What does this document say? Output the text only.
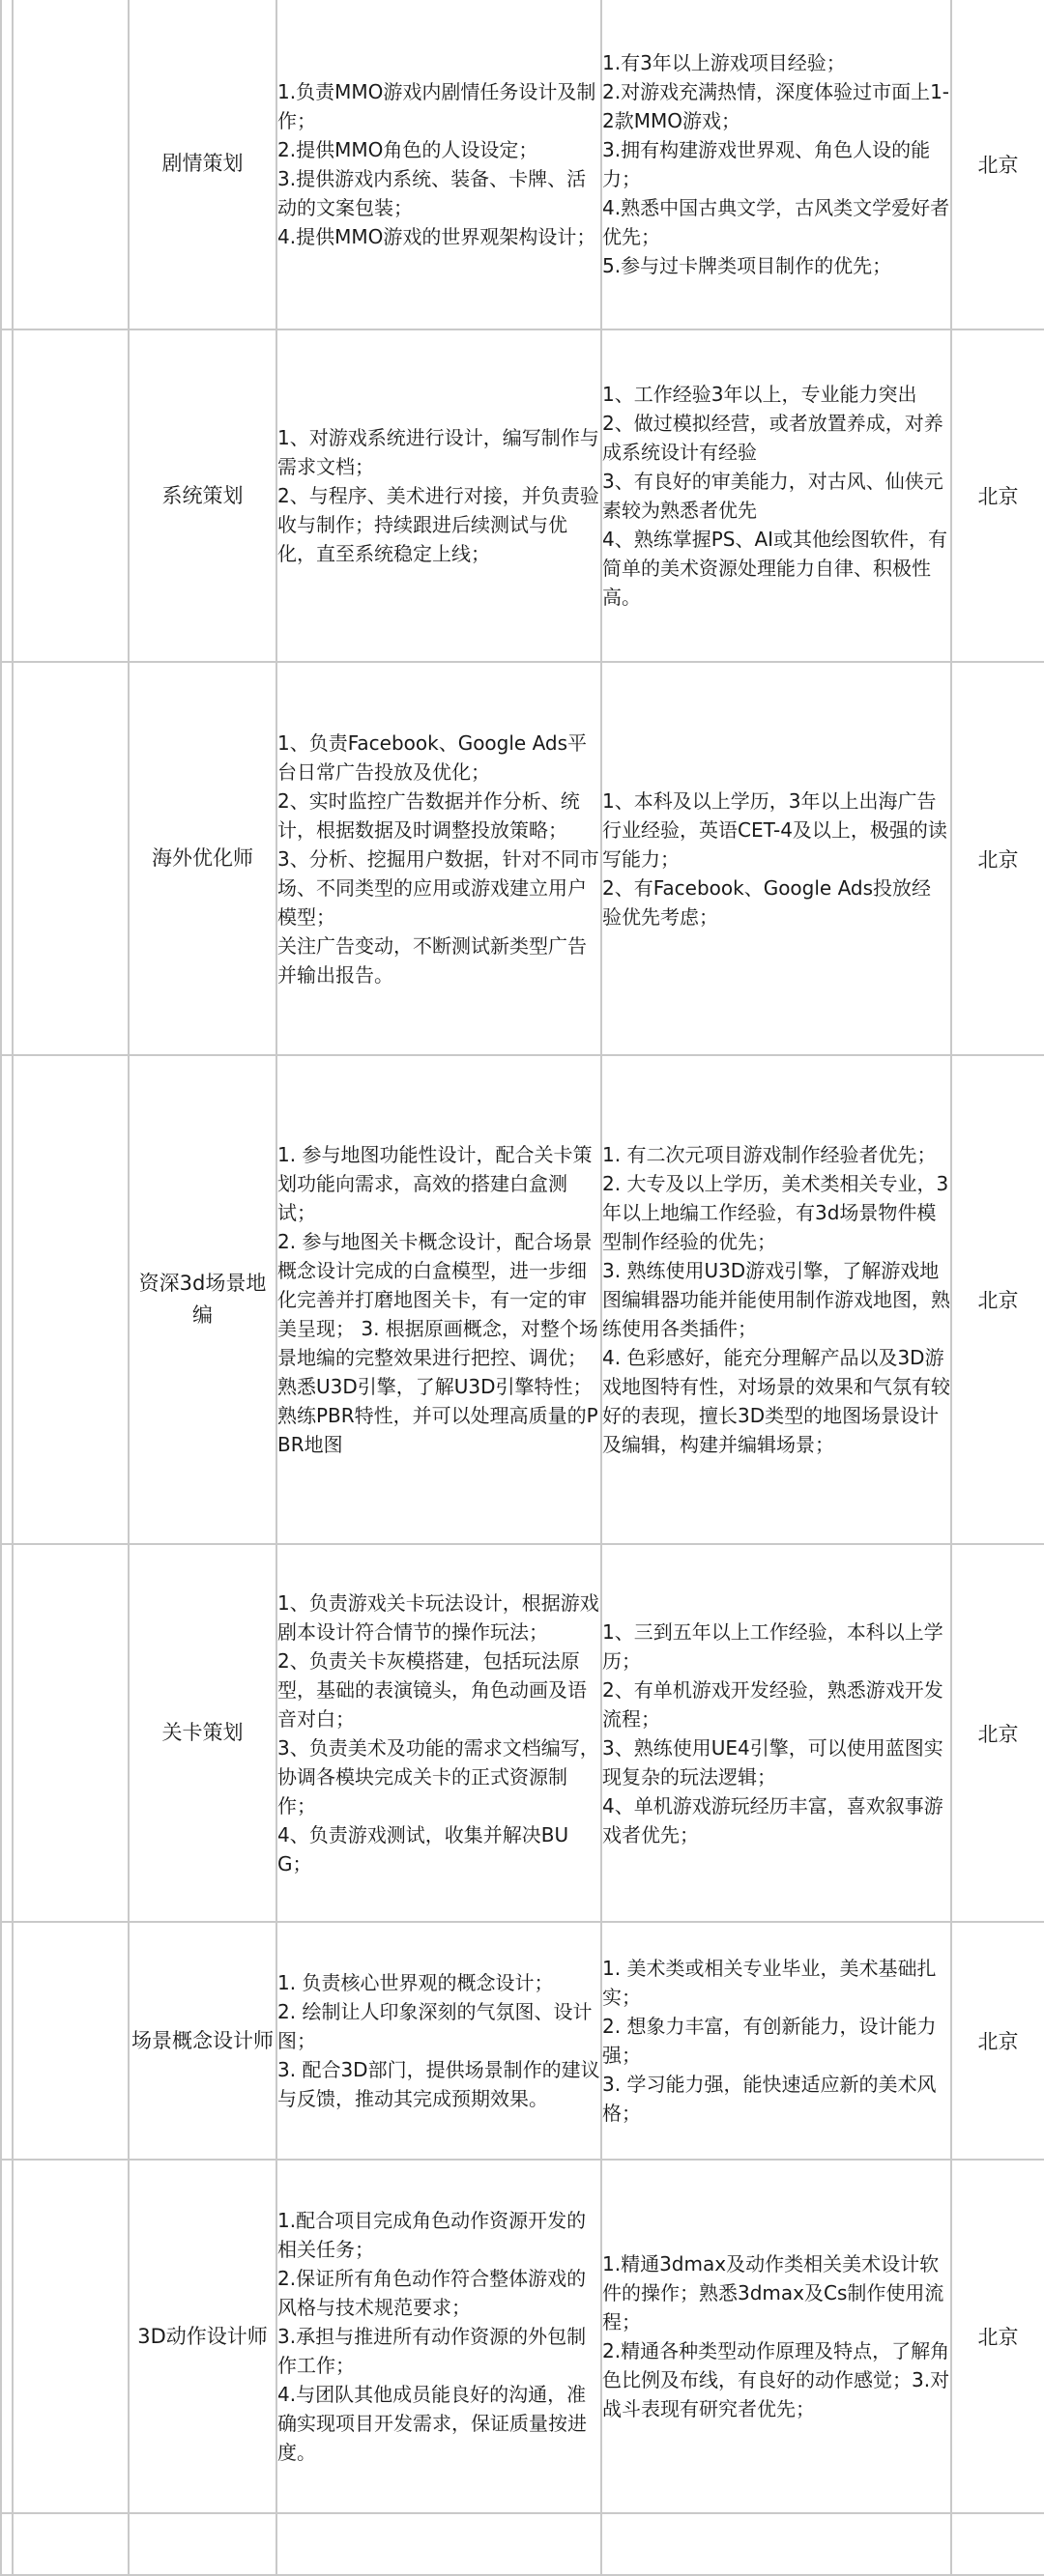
		剧情策划	1.负责MMO游戏内剧情任务设计及制作；
2.提供MMO角色的人设设定；
3.提供游戏内系统、装备、卡牌、活动的文案包装；
4.提供MMO游戏的世界观架构设计；	1.有3年以上游戏项目经验；
2.对游戏充满热情，深度体验过市面上1-2款MMO游戏；
3.拥有构建游戏世界观、角色人设的能力；
4.熟悉中国古典文学，古风类文学爱好者优先；
5.参与过卡牌类项目制作的优先；	北京
		系统策划	1、对游戏系统进行设计，编写制作与需求文档；
2、与程序、美术进行对接，并负责验收与制作；持续跟进后续测试与优化，直至系统稳定上线；	1、工作经验3年以上，专业能力突出
2、做过模拟经营，或者放置养成，对养成系统设计有经验
3、有良好的审美能力，对古风、仙侠元素较为熟悉者优先
4、熟练掌握PS、AI或其他绘图软件，有简单的美术资源处理能力自律、积极性高。	北京
		海外优化师	1、负责Facebook、Google Ads平台日常广告投放及优化；
2、实时监控广告数据并作分析、统计，根据数据及时调整投放策略；
3、分析、挖掘用户数据，针对不同市场、不同类型的应用或游戏建立用户模型；
关注广告变动，不断测试新类型广告并输出报告。	1、本科及以上学历，3年以上出海广告行业经验，英语CET-4及以上，极强的读写能力；
2、有Facebook、Google Ads投放经验优先考虑；	北京
		资深3d场景地编	1. 参与地图功能性设计，配合关卡策划功能向需求，高效的搭建白盒测试；
2. 参与地图关卡概念设计，配合场景概念设计完成的白盒模型，进一步细化完善并打磨地图关卡，有一定的审美呈现； 3. 根据原画概念，对整个场景地编的完整效果进行把控、调优； 熟悉U3D引擎，了解U3D引擎特性；熟练PBR特性，并可以处理高质量的PBR地图	1. 有二次元项目游戏制作经验者优先；
2. 大专及以上学历，美术类相关专业，3年以上地编工作经验，有3d场景物件模型制作经验的优先；
3. 熟练使用U3D游戏引擎，了解游戏地图编辑器功能并能使用制作游戏地图，熟练使用各类插件；
4. 色彩感好，能充分理解产品以及3D游戏地图特有性，对场景的效果和气氛有较好的表现，擅长3D类型的地图场景设计及编辑，构建并编辑场景；	北京
		关卡策划	1、负责游戏关卡玩法设计，根据游戏剧本设计符合情节的操作玩法；
2、负责关卡灰模搭建，包括玩法原型，基础的表演镜头，角色动画及语音对白；
3、负责美术及功能的需求文档编写，协调各模块完成关卡的正式资源制作；
4、负责游戏测试，收集并解决BUG；	1、三到五年以上工作经验，本科以上学历；
2、有单机游戏开发经验，熟悉游戏开发流程；
3、熟练使用UE4引擎，可以使用蓝图实现复杂的玩法逻辑；
4、单机游戏游玩经历丰富，喜欢叙事游戏者优先；	北京
		场景概念设计师	1. 负责核心世界观的概念设计；
2. 绘制让人印象深刻的气氛图、设计图；
3. 配合3D部门，提供场景制作的建议与反馈，推动其完成预期效果。	1. 美术类或相关专业毕业，美术基础扎实；
2. 想象力丰富，有创新能力，设计能力强；
3. 学习能力强，能快速适应新的美术风格；	北京
		3D动作设计师	1.配合项目完成角色动作资源开发的相关任务；
2.保证所有角色动作符合整体游戏的风格与技术规范要求；
3.承担与推进所有动作资源的外包制作工作；
4.与团队其他成员能良好的沟通，准确实现项目开发需求，保证质量按进度。	1.精通3dmax及动作类相关美术设计软件的操作；熟悉3dmax及Cs制作使用流程；
2.精通各种类型动作原理及特点，了解角色比例及布线，有良好的动作感觉；3.对战斗表现有研究者优先；	北京
